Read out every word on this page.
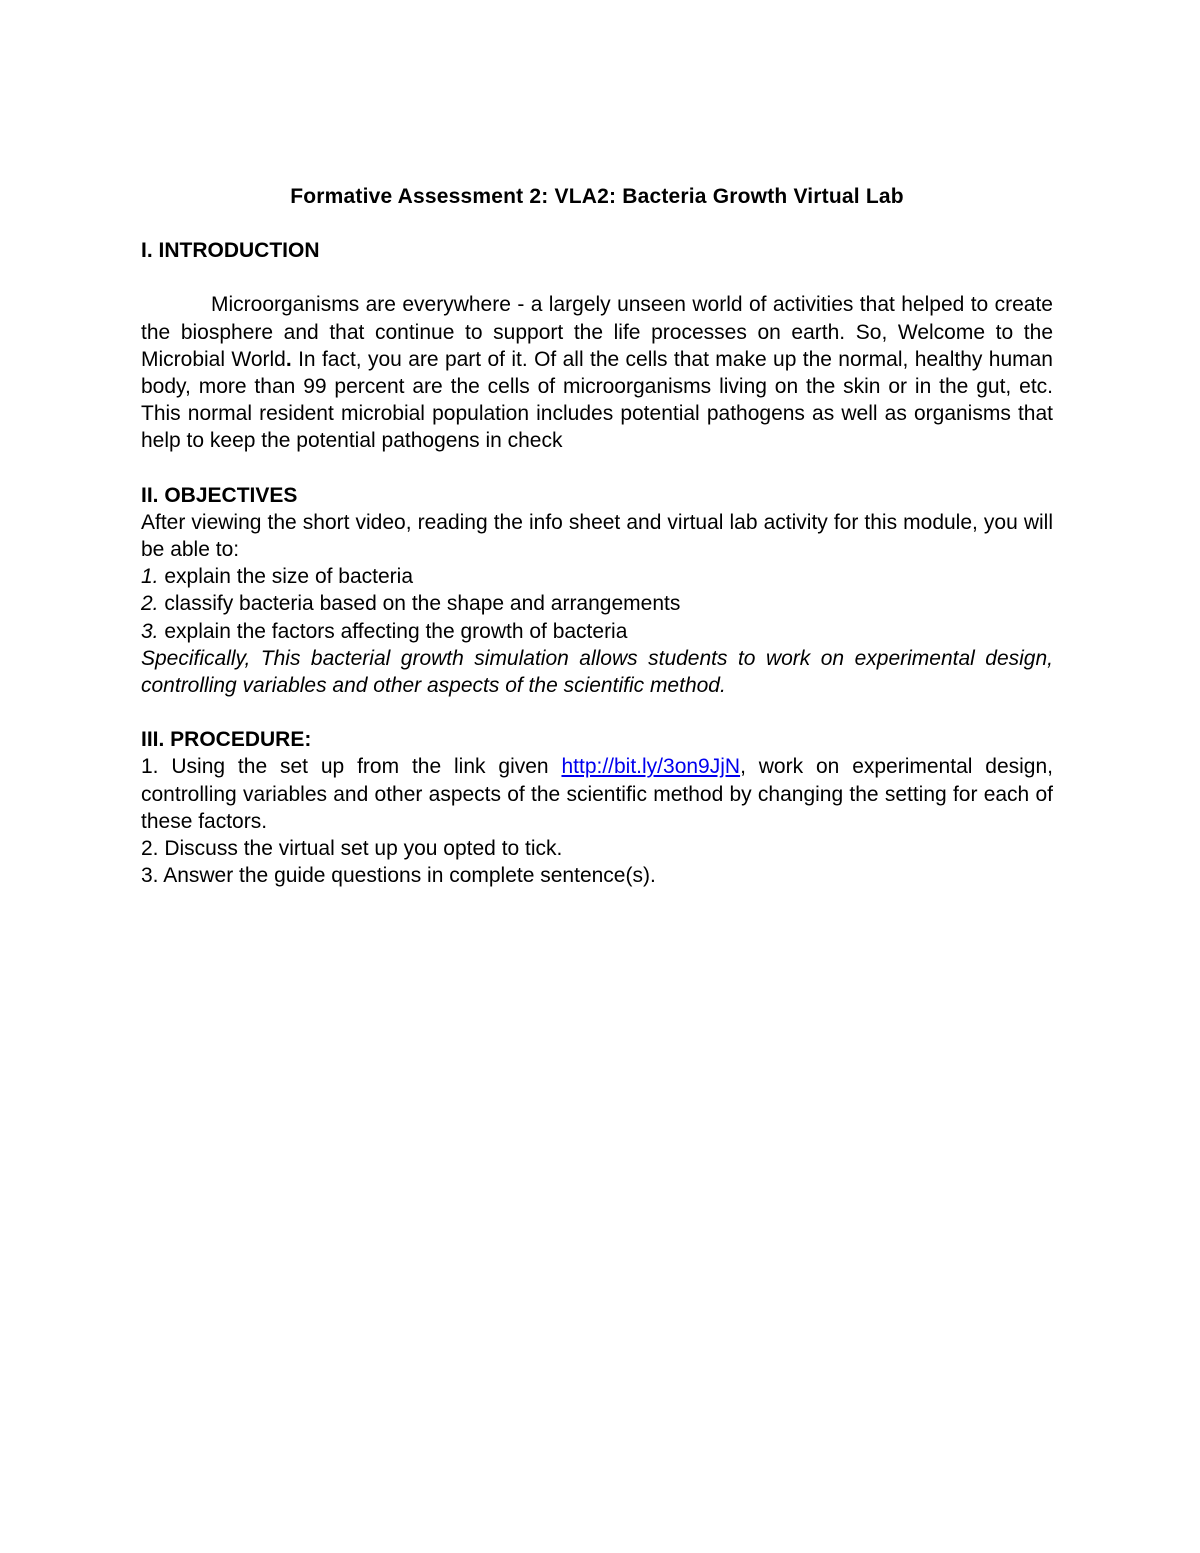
Formative Assessment 2: VLA2: Bacteria Growth Virtual Lab

I. INTRODUCTION

Microorganisms are everywhere - a largely unseen world of activities that helped to create the biosphere and that continue to support the life processes on earth. So, Welcome to the Microbial World. In fact, you are part of it. Of all the cells that make up the normal, healthy human body, more than 99 percent are the cells of microorganisms living on the skin or in the gut, etc. This normal resident microbial population includes potential pathogens as well as organisms that help to keep the potential pathogens in check

II. OBJECTIVES

After viewing the short video, reading the info sheet and virtual lab activity for this module, you will be able to:

1. explain the size of bacteria

2. classify bacteria based on the shape and arrangements

3. explain the factors affecting the growth of bacteria

Specifically, This bacterial growth simulation allows students to work on experimental design, controlling variables and other aspects of the scientific method.

III. PROCEDURE:

1. Using the set up from the link given http://bit.ly/3on9JjN, work on experimental design, controlling variables and other aspects of the scientific method by changing the setting for each of these factors.

2. Discuss the virtual set up you opted to tick.

3. Answer the guide questions in complete sentence(s).
